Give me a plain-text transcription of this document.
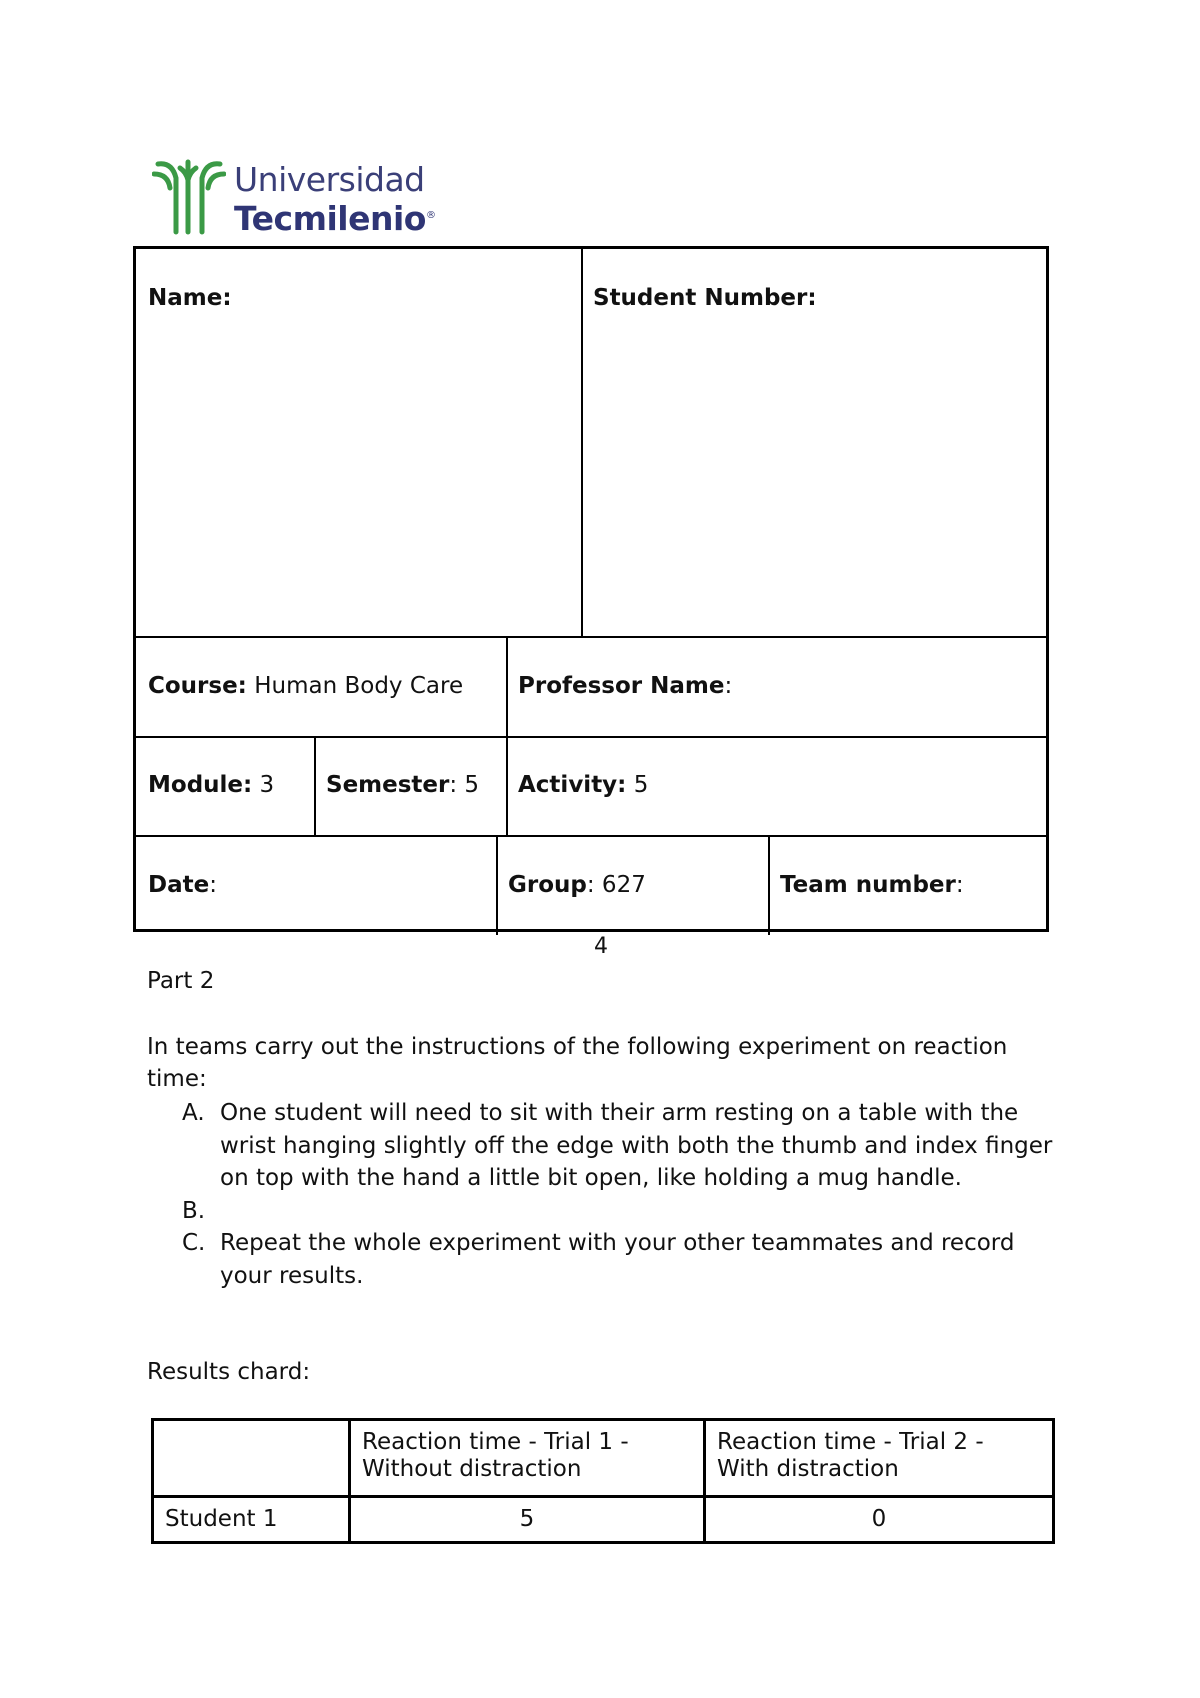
Universidad
Tecmilenio®
Name:	Student Number:
Course: Human Body Care Professor Name:
Module: 3 Semester: 5 Activity: 5
Date:	Group: 627	Team number:
4
Part 2
In teams carry out the instructions of the following experiment on reaction time:
A. One student will need to sit with their arm resting on a table with the wrist hanging slightly off the edge with both the thumb and index finger on top with the hand a little bit open, like holding a mug handle.
B.
C. Repeat the whole experiment with your other teammates and record your results.
Results chard:
	Reaction time - Trial 1 - Without distraction	Reaction time - Trial 2 - With distraction
Student 1	5	0
